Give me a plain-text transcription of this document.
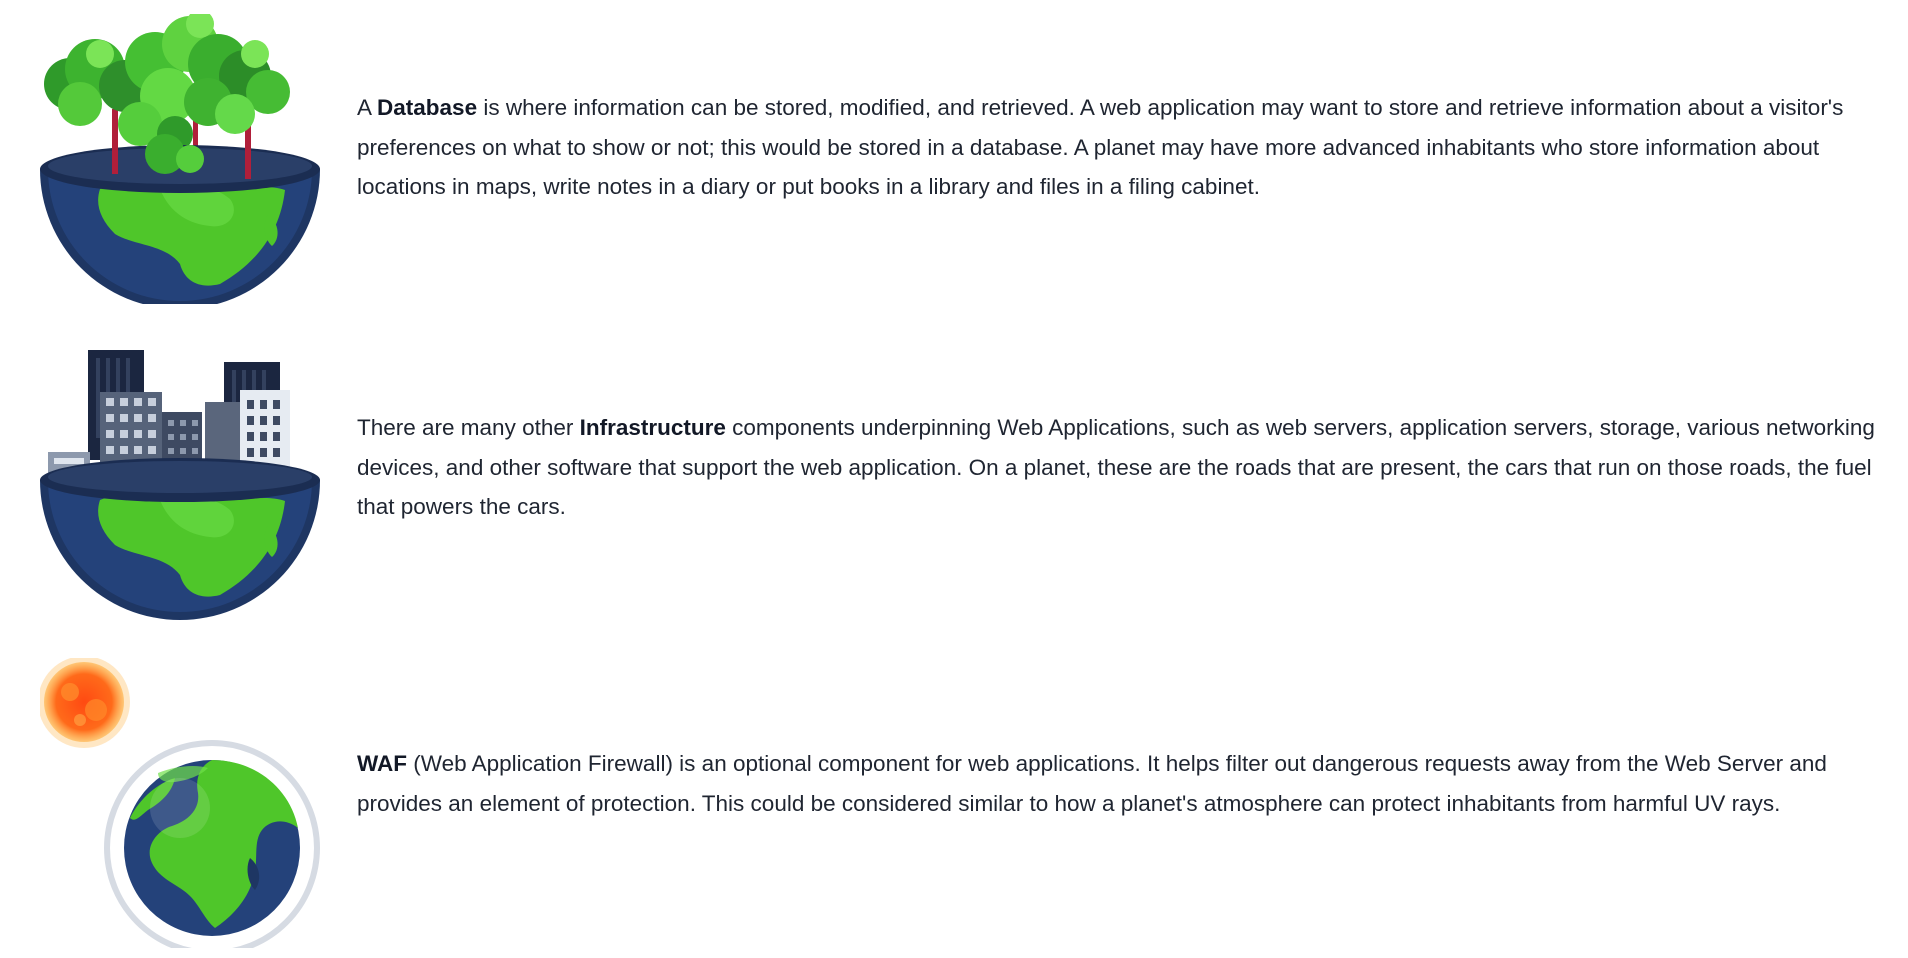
A Database is where information can be stored, modified, and retrieved. A web application may want to store and retrieve information about a visitor's preferences on what to show or not; this would be stored in a database. A planet may have more advanced inhabitants who store information about locations in maps, write notes in a diary or put books in a library and files in a filing cabinet.

There are many other Infrastructure components underpinning Web Applications, such as web servers, application servers, storage, various networking devices, and other software that support the web application. On a planet, these are the roads that are present, the cars that run on those roads, the fuel that powers the cars.

WAF (Web Application Firewall) is an optional component for web applications. It helps filter out dangerous requests away from the Web Server and provides an element of protection. This could be considered similar to how a planet's atmosphere can protect inhabitants from harmful UV rays.
